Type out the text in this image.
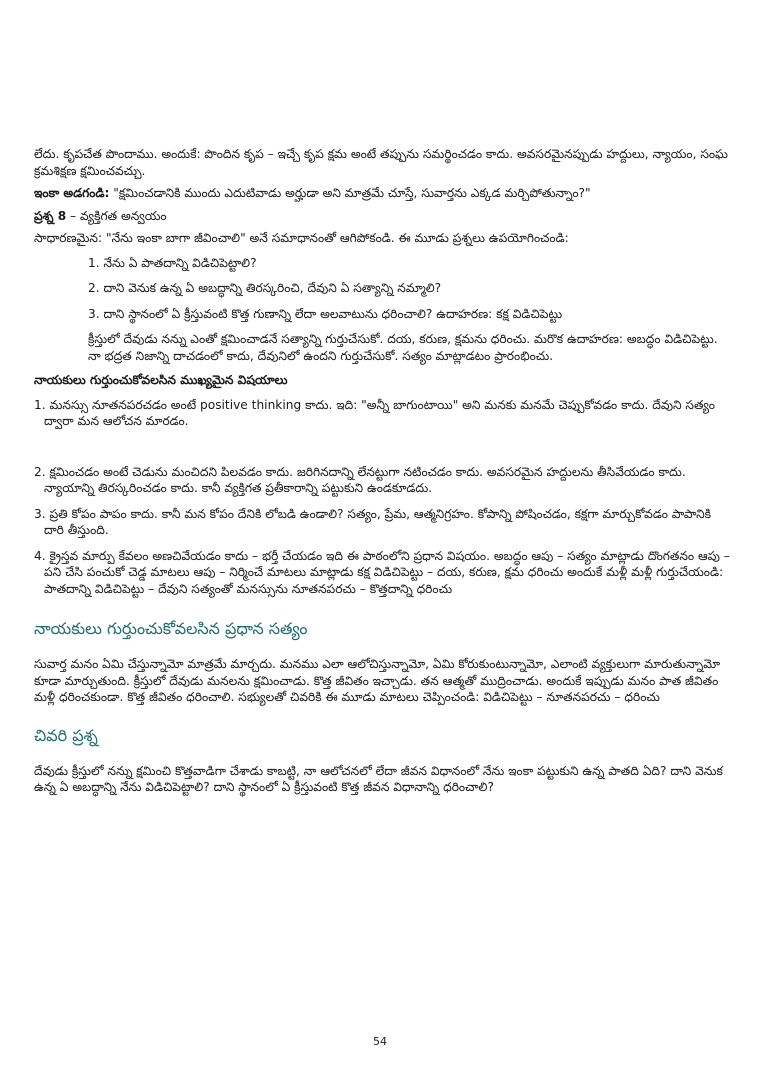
లేదు. కృపచేత పొందాము. అందుకే: పొందిన కృప – ఇచ్చే కృప క్షమ అంటే తప్పును సమర్థించడం కాదు. అవసరమైనప్పుడు హద్దులు, న్యాయం, సంఘ క్రమశిక్షణ క్షమించవచ్చు.

ఇంకా అడగండి: "క్షమించడానికి ముందు ఎదుటివాడు అర్హుడా అని మాత్రమే చూస్తే, సువార్తను ఎక్కడ మర్చిపోతున్నాం?"

ప్రశ్న 8 – వ్యక్తిగత అన్వయం

సాధారణమైన: "నేను ఇంకా బాగా జీవించాలి" అనే సమాధానంతో ఆగిపోకండి. ఈ మూడు ప్రశ్నలు ఉపయోగించండి:

1. నేను ఏ పాతదాన్ని విడిచిపెట్టాలి?

2. దాని వెనుక ఉన్న ఏ అబద్ధాన్ని తిరస్కరించి, దేవుని ఏ సత్యాన్ని నమ్మాలి?

3. దాని స్థానంలో ఏ క్రీస్తువంటి కొత్త గుణాన్ని లేదా అలవాటును ధరించాలి? ఉదాహరణ: కక్ష విడిచిపెట్టు

క్రీస్తులో దేవుడు నన్ను ఎంతో క్షమించాడనే సత్యాన్ని గుర్తుచేసుకో. దయ, కరుణ, క్షమను ధరించు. మరొక ఉదాహరణ: అబద్ధం విడిచిపెట్టు. నా భద్రత నిజాన్ని దాచడంలో కాదు, దేవునిలో ఉందని గుర్తుచేసుకో. సత్యం మాట్లాడటం ప్రారంభించు.

నాయకులు గుర్తుంచుకోవలసిన ముఖ్యమైన విషయాలు

1. మనస్సు నూతనపరచడం అంటే positive thinking కాదు. ఇది: "అన్నీ బాగుంటాయి" అని మనకు మనమే చెప్పుకోవడం కాదు. దేవుని సత్యం ద్వారా మన ఆలోచన మారడం.

2. క్షమించడం అంటే చెడును మంచిదని పిలవడం కాదు. జరిగినదాన్ని లేనట్టుగా నటించడం కాదు. అవసరమైన హద్దులను తీసివేయడం కాదు. న్యాయాన్ని తిరస్కరించడం కాదు. కానీ వ్యక్తిగత ప్రతీకారాన్ని పట్టుకుని ఉండకూడదు.

3. ప్రతి కోపం పాపం కాదు. కానీ మన కోపం దేనికి లోబడి ఉండాలి? సత్యం, ప్రేమ, ఆత్మనిగ్రహం. కోపాన్ని పోషించడం, కక్షగా మార్చుకోవడం పాపానికి దారి తీస్తుంది.

4. క్రైస్తవ మార్పు కేవలం అణచివేయడం కాదు – భర్తీ చేయడం ఇది ఈ పాఠంలోని ప్రధాన విషయం. అబద్ధం ఆపు – సత్యం మాట్లాడు దొంగతనం ఆపు – పని చేసి పంచుకో చెడ్డ మాటలు ఆపు – నిర్మించే మాటలు మాట్లాడు కక్ష విడిచిపెట్టు – దయ, కరుణ, క్షమ ధరించు అందుకే మళ్లీ మళ్లీ గుర్తుచేయండి: పాతదాన్ని విడిచిపెట్టు – దేవుని సత్యంతో మనస్సును నూతనపరచు – కొత్తదాన్ని ధరించు

నాయకులు గుర్తుంచుకోవలసిన ప్రధాన సత్యం

సువార్త మనం ఏమి చేస్తున్నామో మాత్రమే మార్చదు. మనము ఎలా ఆలోచిస్తున్నామో, ఏమి కోరుకుంటున్నామో, ఎలాంటి వ్యక్తులుగా మారుతున్నామో కూడా మార్చుతుంది. క్రీస్తులో దేవుడు మనలను క్షమించాడు. కొత్త జీవితం ఇచ్చాడు. తన ఆత్మతో ముద్రించాడు. అందుకే ఇప్పుడు మనం పాత జీవితం మళ్లీ ధరించకుండా. కొత్త జీవితం ధరించాలి. సభ్యులతో చివరికి ఈ మూడు మాటలు చెప్పించండి: విడిచిపెట్టు – నూతనపరచు – ధరించు

చివరి ప్రశ్న

దేవుడు క్రీస్తులో నన్ను క్షమించి కొత్తవాడిగా చేశాడు కాబట్టి, నా ఆలోచనలో లేదా జీవన విధానంలో నేను ఇంకా పట్టుకుని ఉన్న పాతది ఏది? దాని వెనుక ఉన్న ఏ అబద్ధాన్ని నేను విడిచిపెట్టాలి? దాని స్థానంలో ఏ క్రీస్తువంటి కొత్త జీవన విధానాన్ని ధరించాలి?

54
